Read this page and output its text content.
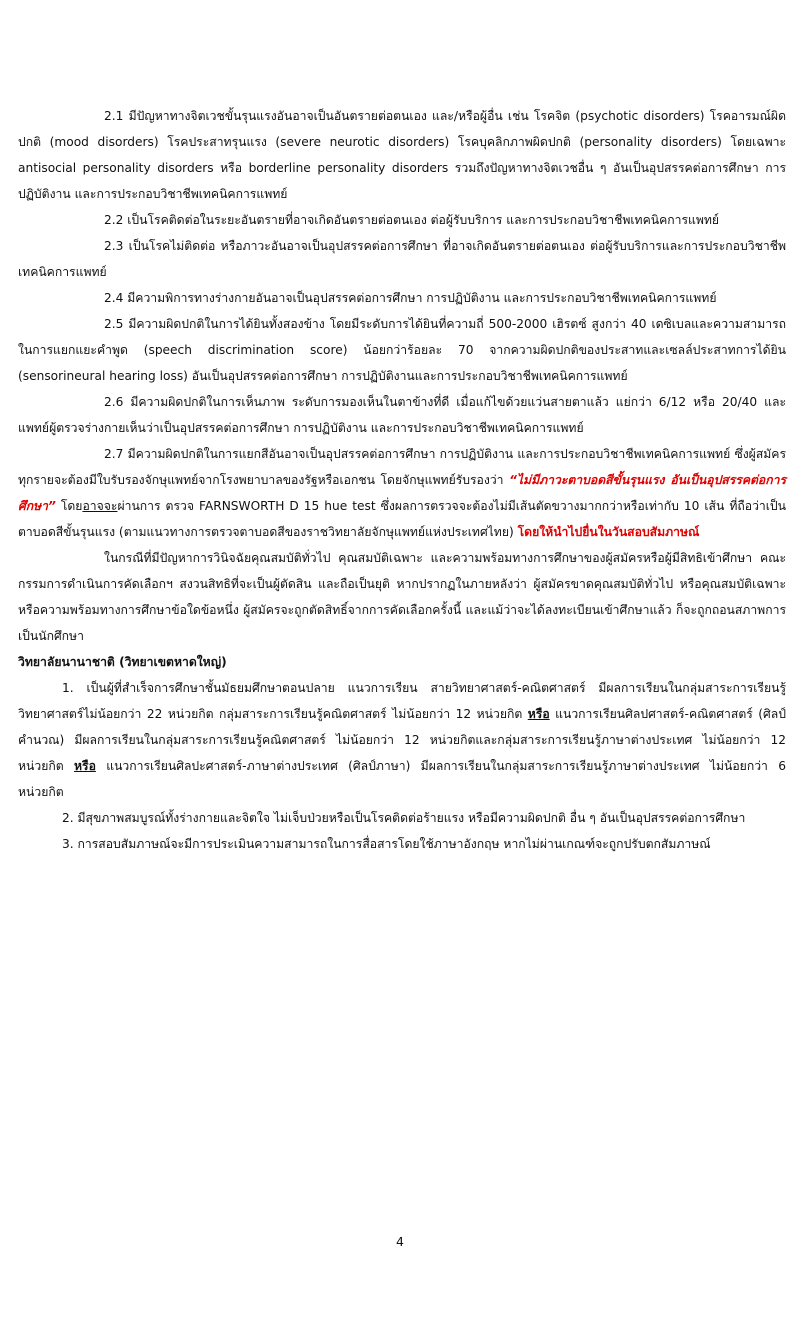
2.1 มีปัญหาทางจิตเวชขั้นรุนแรงอันอาจเป็นอันตรายต่อตนเอง และ/หรือผู้อื่น เช่น โรคจิต (psychotic disorders) โรคอารมณ์ผิดปกติ (mood disorders) โรคประสาทรุนแรง (severe neurotic disorders) โรคบุคลิกภาพผิดปกติ (personality disorders) โดยเฉพาะ antisocial personality disorders หรือ borderline personality disorders รวมถึงปัญหาทางจิตเวชอื่น ๆ อันเป็นอุปสรรคต่อการศึกษา การปฏิบัติงาน และการประกอบวิชาชีพเทคนิคการแพทย์

2.2 เป็นโรคติดต่อในระยะอันตรายที่อาจเกิดอันตรายต่อตนเอง ต่อผู้รับบริการ และการประกอบวิชาชีพเทคนิคการแพทย์

2.3 เป็นโรคไม่ติดต่อ หรือภาวะอันอาจเป็นอุปสรรคต่อการศึกษา ที่อาจเกิดอันตรายต่อตนเอง ต่อผู้รับบริการและการประกอบวิชาชีพเทคนิคการแพทย์

2.4 มีความพิการทางร่างกายอันอาจเป็นอุปสรรคต่อการศึกษา การปฏิบัติงาน และการประกอบวิชาชีพเทคนิคการแพทย์

2.5 มีความผิดปกติในการได้ยินทั้งสองข้าง โดยมีระดับการได้ยินที่ความถี่ 500-2000 เฮิรตซ์ สูงกว่า 40 เดซิเบลและความสามารถในการแยกแยะคำพูด (speech discrimination score) น้อยกว่าร้อยละ 70 จากความผิดปกติของประสาทและเซลล์ประสาทการได้ยิน (sensorineural hearing loss) อันเป็นอุปสรรคต่อการศึกษา การปฏิบัติงานและการประกอบวิชาชีพเทคนิคการแพทย์

2.6 มีความผิดปกติในการเห็นภาพ ระดับการมองเห็นในตาข้างที่ดี เมื่อแก้ไขด้วยแว่นสายตาแล้ว แย่กว่า 6/12 หรือ 20/40 และแพทย์ผู้ตรวจร่างกายเห็นว่าเป็นอุปสรรคต่อการศึกษา การปฏิบัติงาน และการประกอบวิชาชีพเทคนิคการแพทย์

2.7 มีความผิดปกติในการแยกสีอันอาจเป็นอุปสรรคต่อการศึกษา การปฏิบัติงาน และการประกอบวิชาชีพเทคนิคการแพทย์ ซึ่งผู้สมัครทุกรายจะต้องมีใบรับรองจักษุแพทย์จากโรงพยาบาลของรัฐหรือเอกชน โดยจักษุแพทย์รับรองว่า “ไม่มีภาวะตาบอดสีขั้นรุนแรง อันเป็นอุปสรรคต่อการศึกษา” โดยอาจจะผ่านการ ตรวจ FARNSWORTH D 15 hue test ซึ่งผลการตรวจจะต้องไม่มีเส้นตัดขวางมากกว่าหรือเท่ากับ 10 เส้น ที่ถือว่าเป็นตาบอดสีขั้นรุนแรง (ตามแนวทางการตรวจตาบอดสีของราชวิทยาลัยจักษุแพทย์แห่งประเทศไทย) โดยให้นำไปยื่นในวันสอบสัมภาษณ์

ในกรณีที่มีปัญหาการวินิจฉัยคุณสมบัติทั่วไป คุณสมบัติเฉพาะ และความพร้อมทางการศึกษาของผู้สมัครหรือผู้มีสิทธิเข้าศึกษา คณะกรรมการดำเนินการคัดเลือกฯ สงวนสิทธิที่จะเป็นผู้ตัดสิน และถือเป็นยุติ หากปรากฏในภายหลังว่า ผู้สมัครขาดคุณสมบัติทั่วไป หรือคุณสมบัติเฉพาะ หรือความพร้อมทางการศึกษาข้อใดข้อหนึ่ง ผู้สมัครจะถูกตัดสิทธิ์จากการคัดเลือกครั้งนี้ และแม้ว่าจะได้ลงทะเบียนเข้าศึกษาแล้ว ก็จะถูกถอนสภาพการเป็นนักศึกษา

วิทยาลัยนานาชาติ (วิทยาเขตหาดใหญ่)

1. เป็นผู้ที่สำเร็จการศึกษาชั้นมัธยมศึกษาตอนปลาย แนวการเรียน สายวิทยาศาสตร์-คณิตศาสตร์ มีผลการเรียนในกลุ่มสาระการเรียนรู้วิทยาศาสตร์ไม่น้อยกว่า 22 หน่วยกิต กลุ่มสาระการเรียนรู้คณิตศาสตร์ ไม่น้อยกว่า 12 หน่วยกิต หรือ แนวการเรียนศิลปศาสตร์-คณิตศาสตร์ (ศิลป์คำนวณ) มีผลการเรียนในกลุ่มสาระการเรียนรู้คณิตศาสตร์ ไม่น้อยกว่า 12 หน่วยกิตและกลุ่มสาระการเรียนรู้ภาษาต่างประเทศ ไม่น้อยกว่า 12 หน่วยกิต หรือ แนวการเรียนศิลปะศาสตร์-ภาษาต่างประเทศ (ศิลป์ภาษา) มีผลการเรียนในกลุ่มสาระการเรียนรู้ภาษาต่างประเทศ ไม่น้อยกว่า 6 หน่วยกิต

2. มีสุขภาพสมบูรณ์ทั้งร่างกายและจิตใจ ไม่เจ็บป่วยหรือเป็นโรคติดต่อร้ายแรง หรือมีความผิดปกติ อื่น ๆ อันเป็นอุปสรรคต่อการศึกษา

3. การสอบสัมภาษณ์จะมีการประเมินความสามารถในการสื่อสารโดยใช้ภาษาอังกฤษ หากไม่ผ่านเกณฑ์จะถูกปรับตกสัมภาษณ์

4
